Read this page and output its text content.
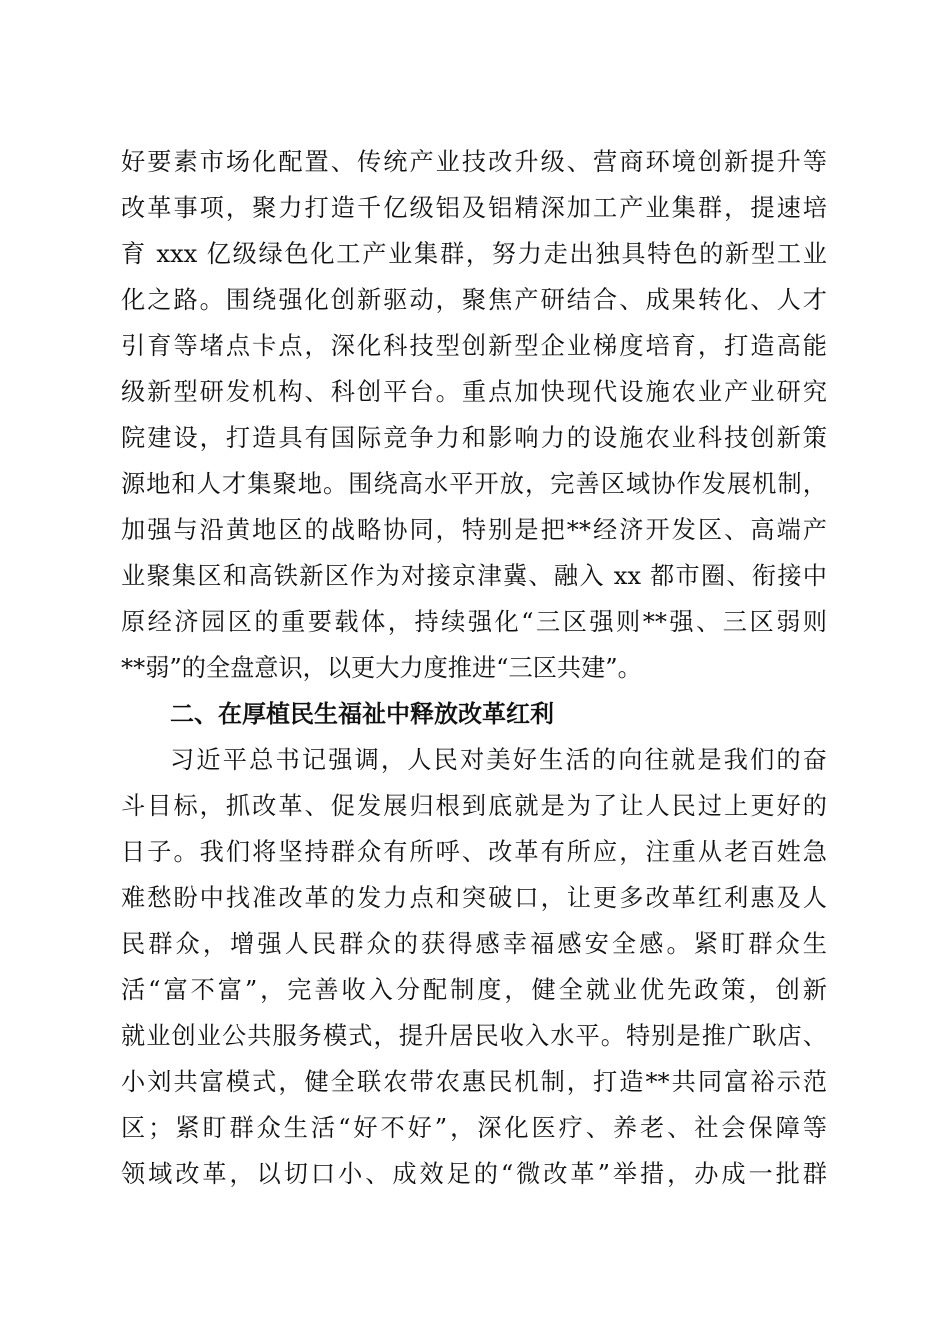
好要素市场化配置、传统产业技改升级、营商环境创新提升等

改革事项，聚力打造千亿级铝及铝精深加工产业集群，提速培

育 xxx 亿级绿色化工产业集群，努力走出独具特色的新型工业

化之路。围绕强化创新驱动，聚焦产研结合、成果转化、人才

引育等堵点卡点，深化科技型创新型企业梯度培育，打造高能

级新型研发机构、科创平台。重点加快现代设施农业产业研究

院建设，打造具有国际竞争力和影响力的设施农业科技创新策

源地和人才集聚地。围绕高水平开放，完善区域协作发展机制，

加强与沿黄地区的战略协同，特别是把**经济开发区、高端产

业聚集区和高铁新区作为对接京津冀、融入 xx 都市圈、衔接中

原经济园区的重要载体，持续强化“三区强则**强、三区弱则

**弱”的全盘意识，以更大力度推进“三区共建”。

二、在厚植民生福祉中释放改革红利

习近平总书记强调，人民对美好生活的向往就是我们的奋

斗目标，抓改革、促发展归根到底就是为了让人民过上更好的

日子。我们将坚持群众有所呼、改革有所应，注重从老百姓急

难愁盼中找准改革的发力点和突破口，让更多改革红利惠及人

民群众，增强人民群众的获得感幸福感安全感。紧盯群众生

活“富不富”，完善收入分配制度，健全就业优先政策，创新

就业创业公共服务模式，提升居民收入水平。特别是推广耿店、

小刘共富模式，健全联农带农惠民机制，打造**共同富裕示范

区；紧盯群众生活“好不好”，深化医疗、养老、社会保障等

领域改革，以切口小、成效足的“微改革”举措，办成一批群
